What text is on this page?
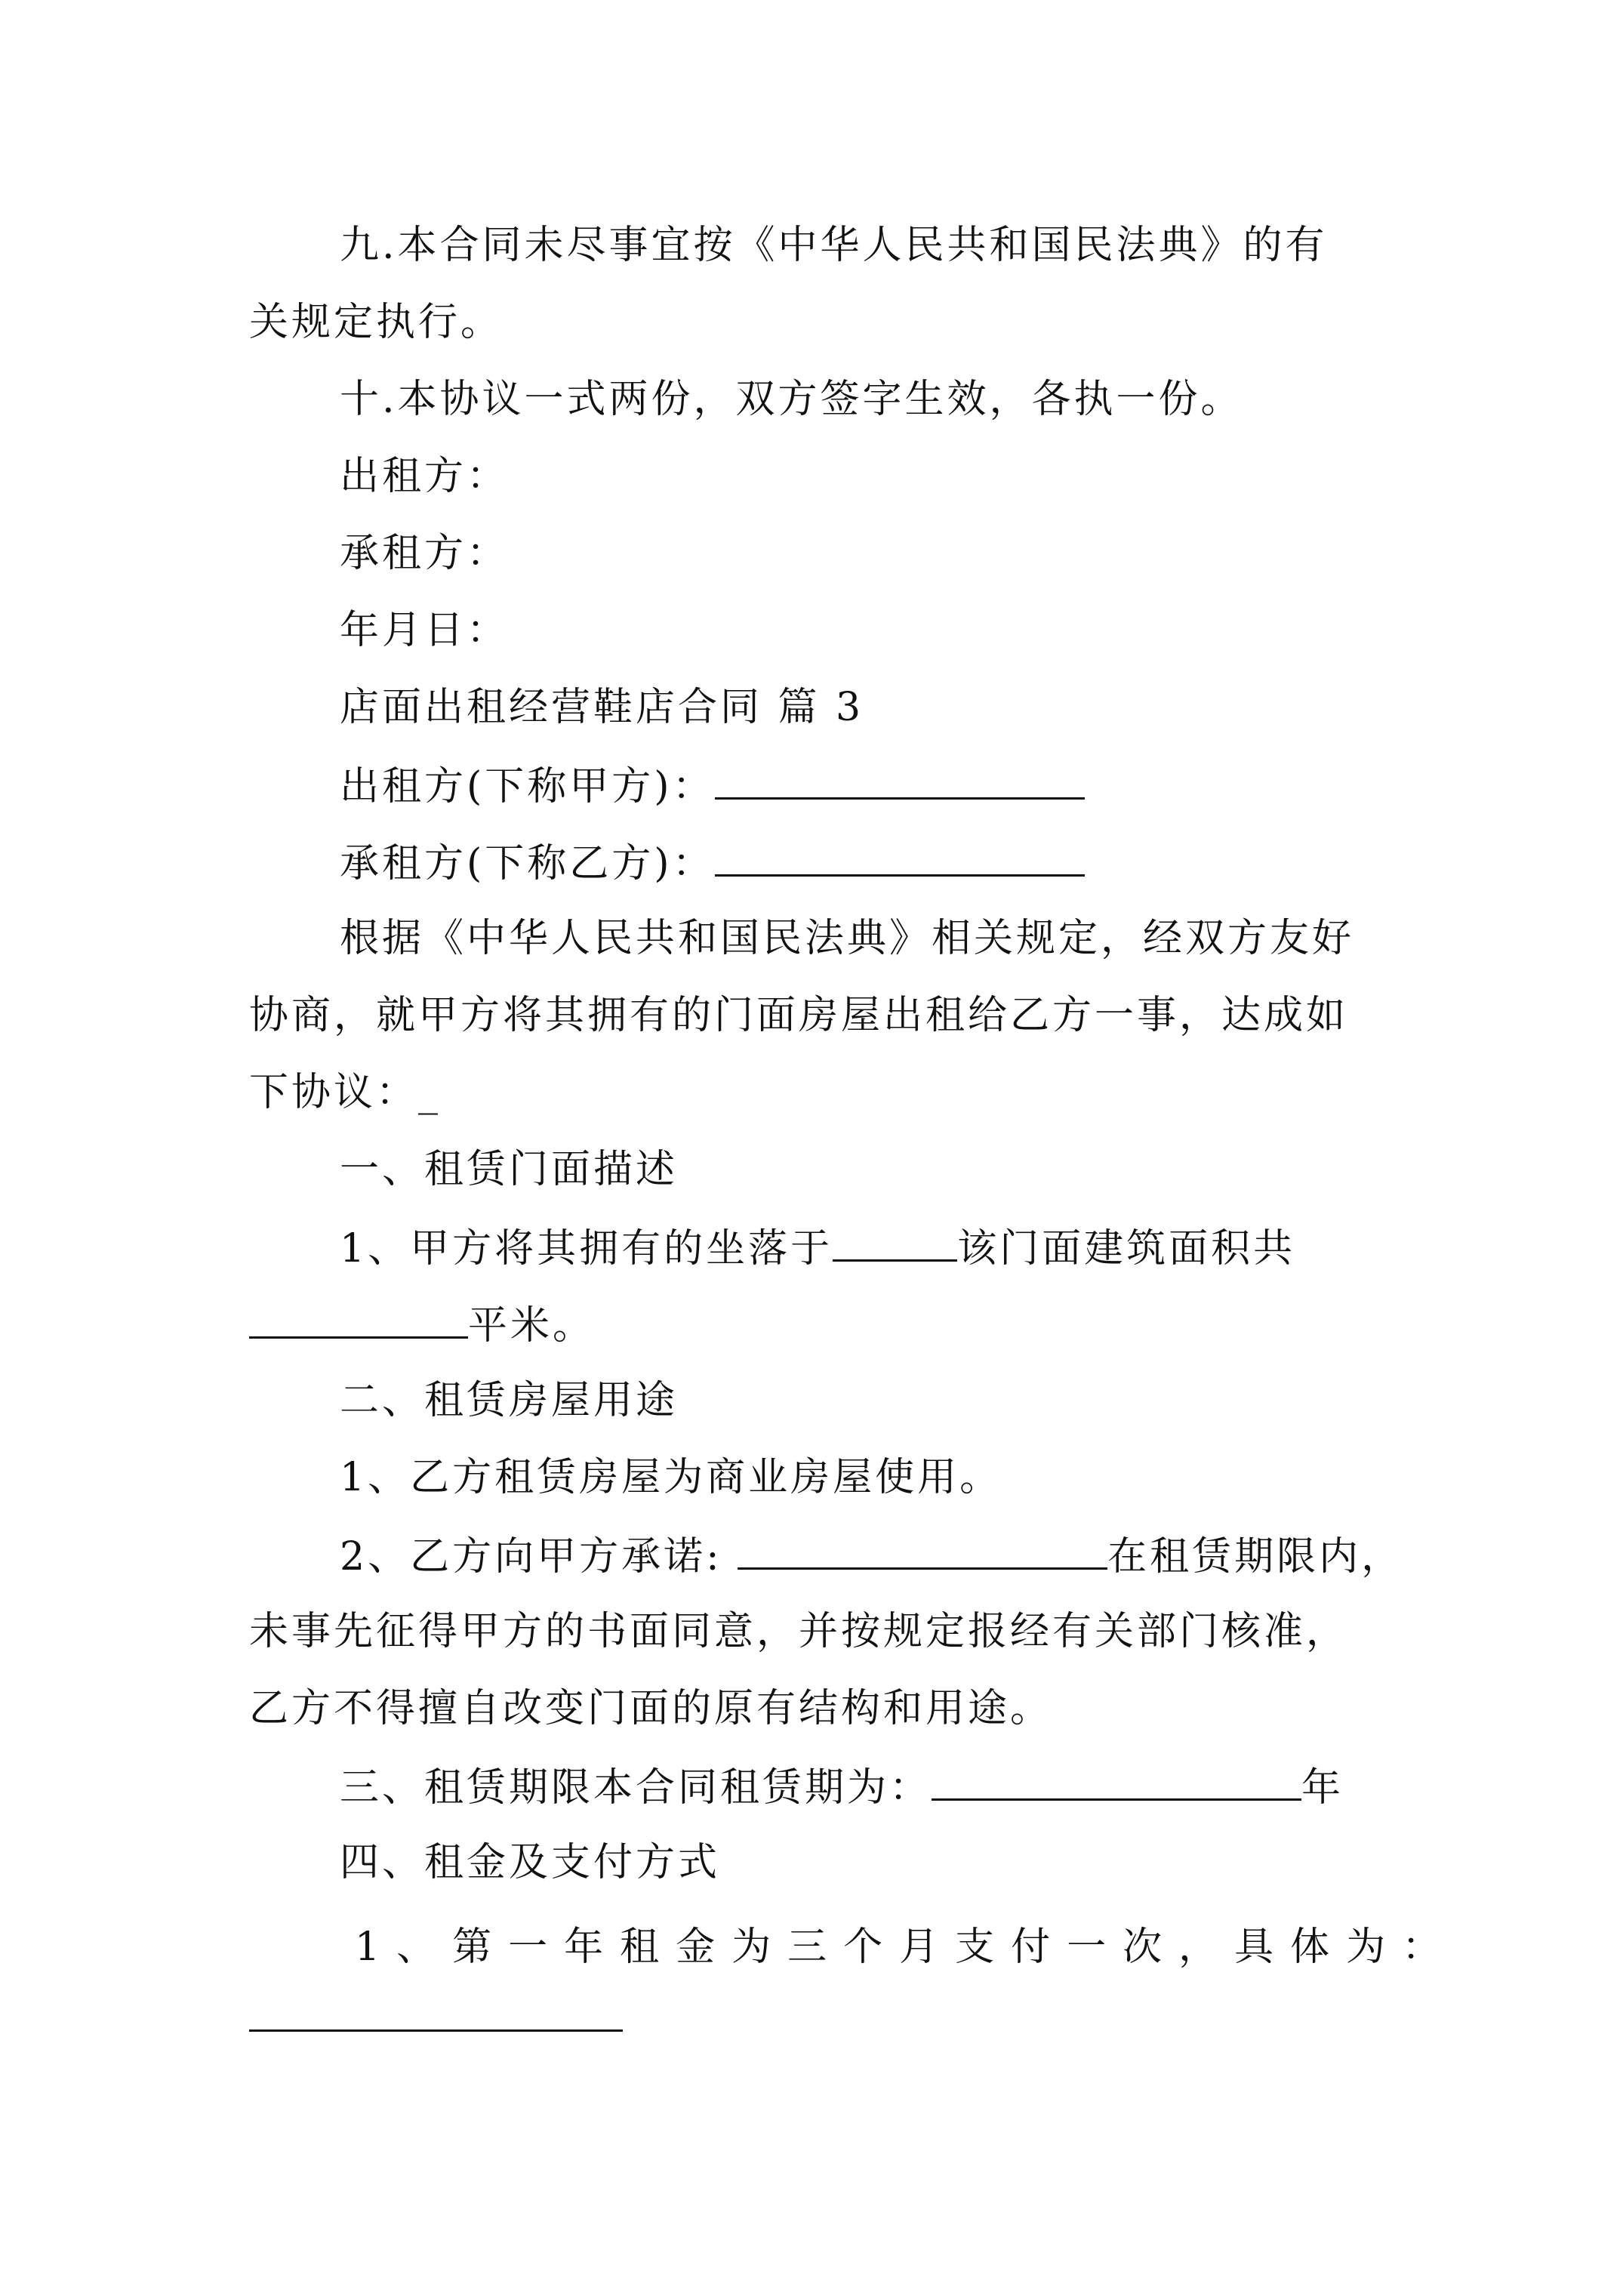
九.本合同未尽事宜按《中华人民共和国民法典》的有
关规定执行。
十.本协议一式两份，双方签字生效，各执一份。
出租方：
承租方：
年月日：
店面出租经营鞋店合同 篇 3
出租方(下称甲方)：
承租方(下称乙方)：
根据《中华人民共和国民法典》相关规定，经双方友好
协商，就甲方将其拥有的门面房屋出租给乙方一事，达成如
下协议：_
一、租赁门面描述
1、甲方将其拥有的坐落于	该门面建筑面积共
平米。
二、租赁房屋用途
1、乙方租赁房屋为商业房屋使用。
2、乙方向甲方承诺:	在租赁期限内，
未事先征得甲方的书面同意，并按规定报经有关部门核准，
乙方不得擅自改变门面的原有结构和用途。
三、租赁期限本合同租赁期为：	年
四、租金及支付方式
1、第一年租金为三个月支付一次，具体为：
